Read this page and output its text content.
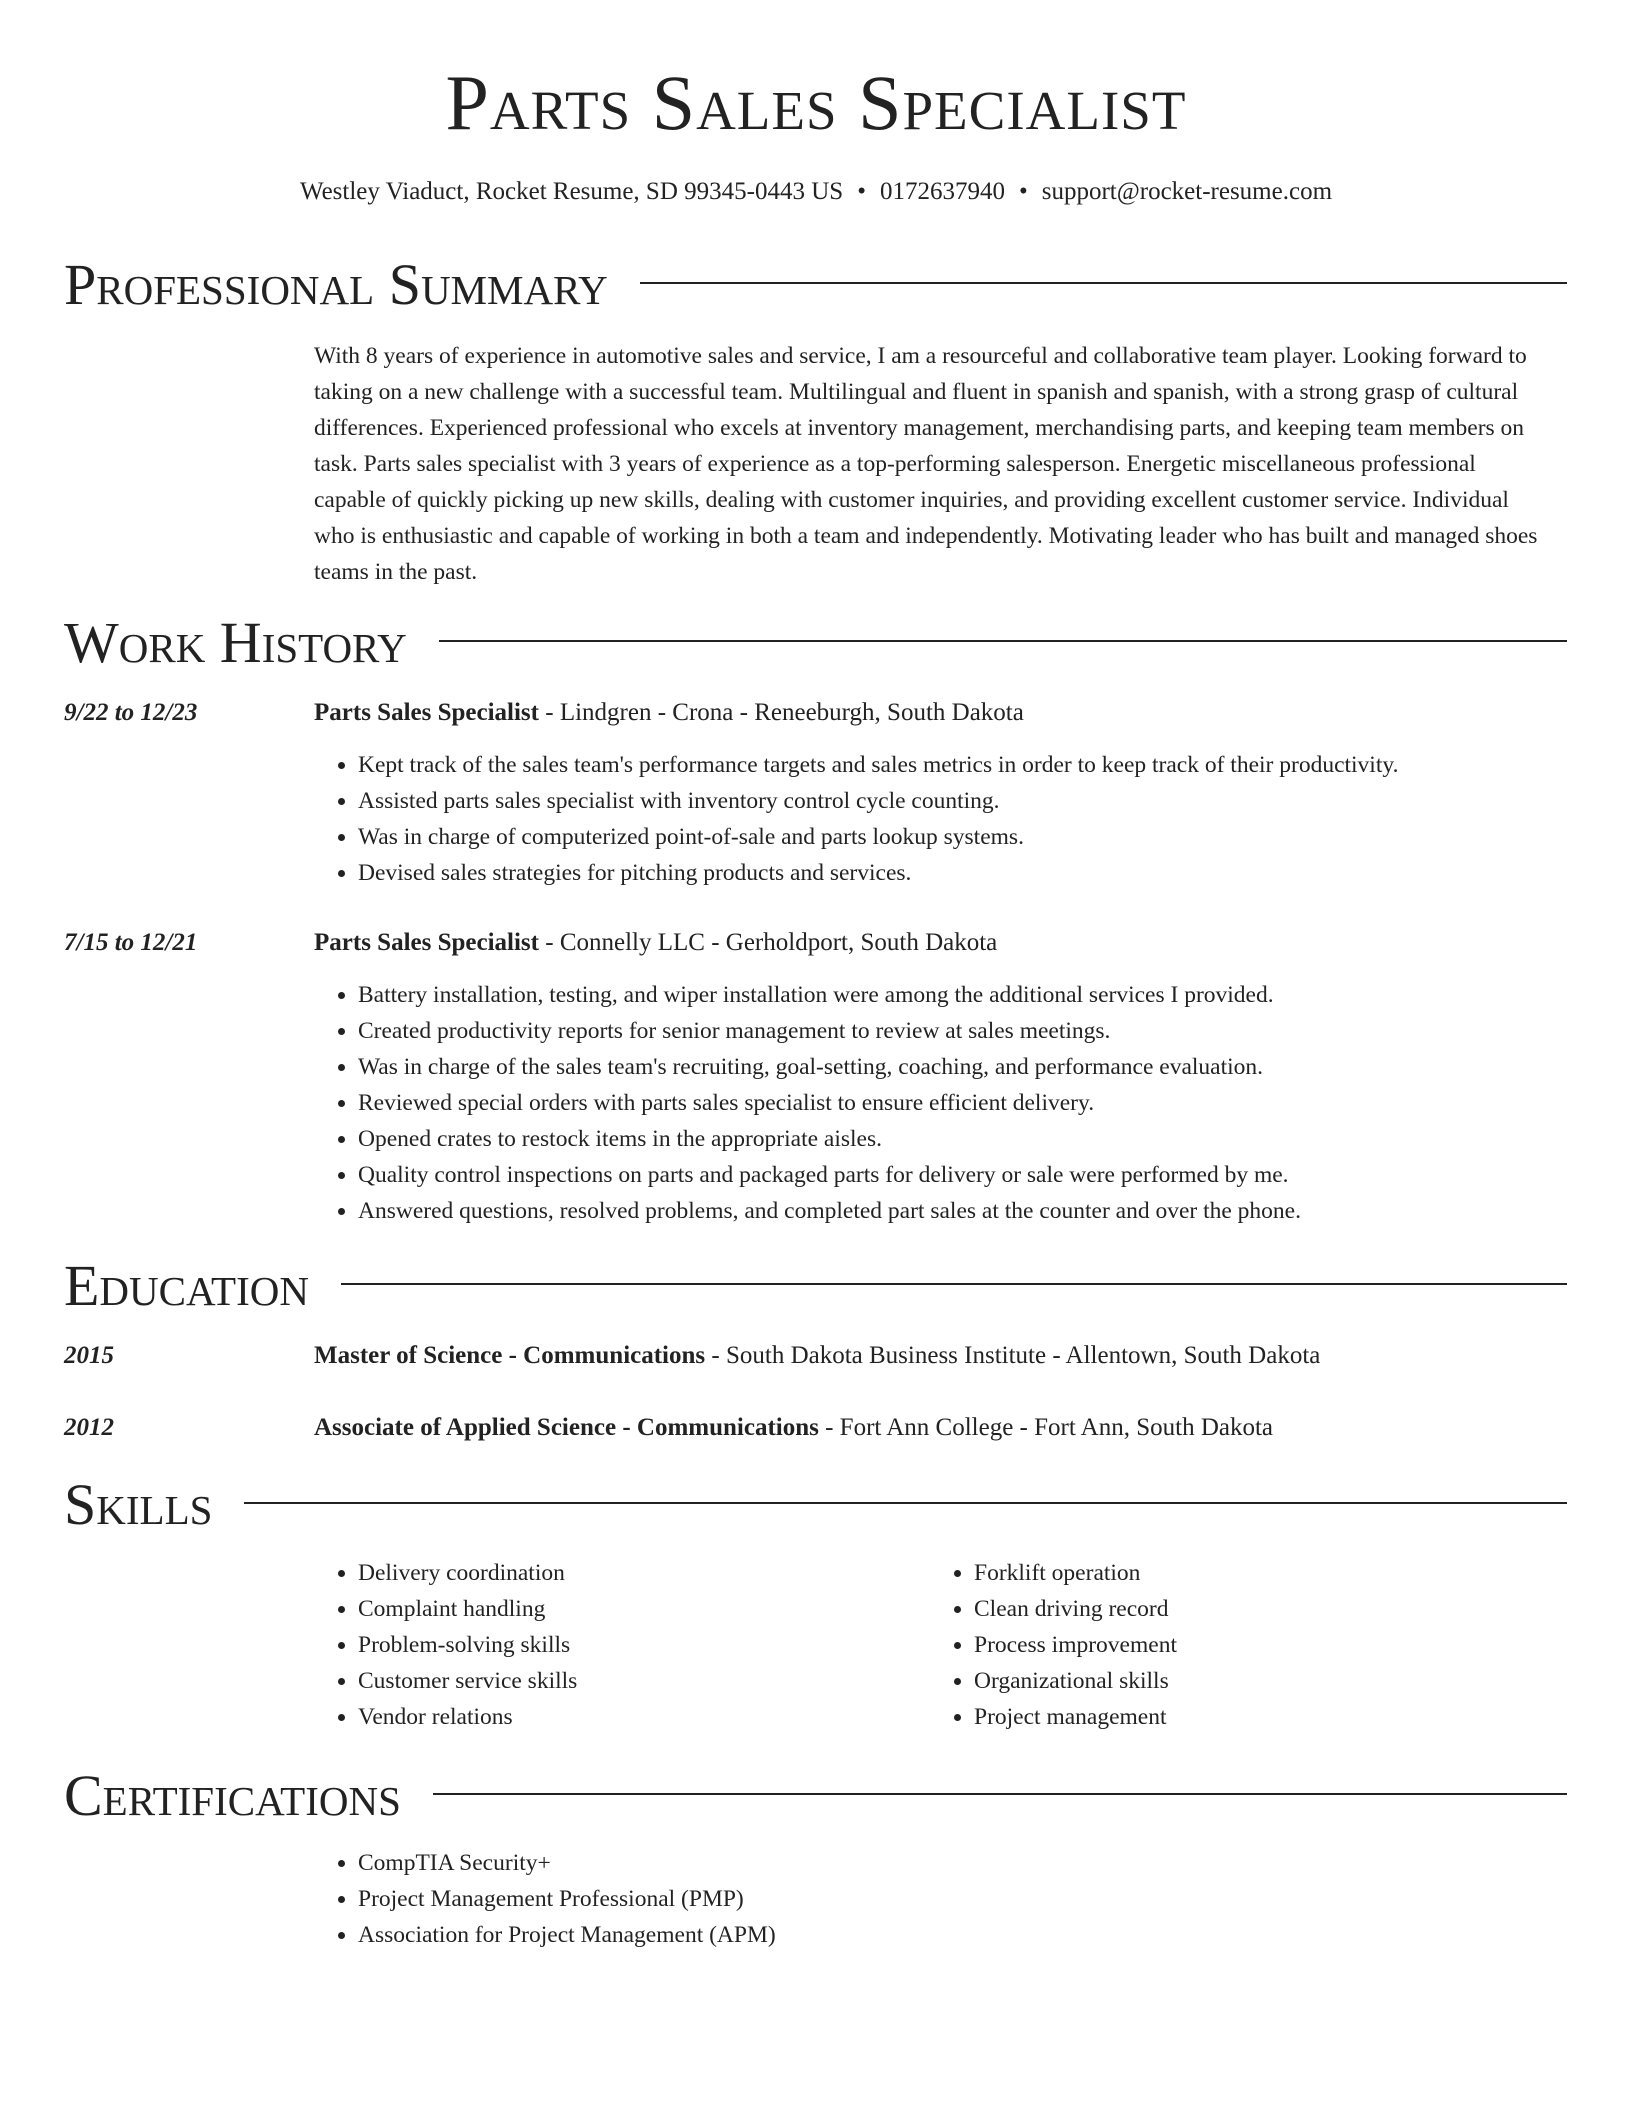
Parts Sales Specialist
Westley Viaduct, Rocket Resume, SD 99345-0443 US • 0172637940 • support@rocket-resume.com
Professional Summary

With 8 years of experience in automotive sales and service, I am a resourceful and collaborative team player. Looking forward to taking on a new challenge with a successful team. Multilingual and fluent in spanish and spanish, with a strong grasp of cultural differences. Experienced professional who excels at inventory management, merchandising parts, and keeping team members on task. Parts sales specialist with 3 years of experience as a top-performing salesperson. Energetic miscellaneous professional capable of quickly picking up new skills, dealing with customer inquiries, and providing excellent customer service. Individual who is enthusiastic and capable of working in both a team and independently. Motivating leader who has built and managed shoes teams in the past.

Work History
9/22 to 12/23	Parts Sales Specialist - Lindgren - Crona - Reneeburgh, South Dakota
• Kept track of the sales team's performance targets and sales metrics in order to keep track of their productivity.
• Assisted parts sales specialist with inventory control cycle counting.
• Was in charge of computerized point-of-sale and parts lookup systems.
• Devised sales strategies for pitching products and services.
7/15 to 12/21	Parts Sales Specialist - Connelly LLC - Gerholdport, South Dakota
• Battery installation, testing, and wiper installation were among the additional services I provided.
• Created productivity reports for senior management to review at sales meetings.
• Was in charge of the sales team's recruiting, goal-setting, coaching, and performance evaluation.
• Reviewed special orders with parts sales specialist to ensure efficient delivery.
• Opened crates to restock items in the appropriate aisles.
• Quality control inspections on parts and packaged parts for delivery or sale were performed by me.
• Answered questions, resolved problems, and completed part sales at the counter and over the phone.
Education
2015	Master of Science - Communications - South Dakota Business Institute - Allentown, South Dakota
2012	Associate of Applied Science - Communications - Fort Ann College - Fort Ann, South Dakota
Skills
• Delivery coordination
• Complaint handling
• Problem-solving skills
• Customer service skills
• Vendor relations
• Forklift operation
• Clean driving record
• Process improvement
• Organizational skills
• Project management
Certifications
• CompTIA Security+
• Project Management Professional (PMP)
• Association for Project Management (APM)
